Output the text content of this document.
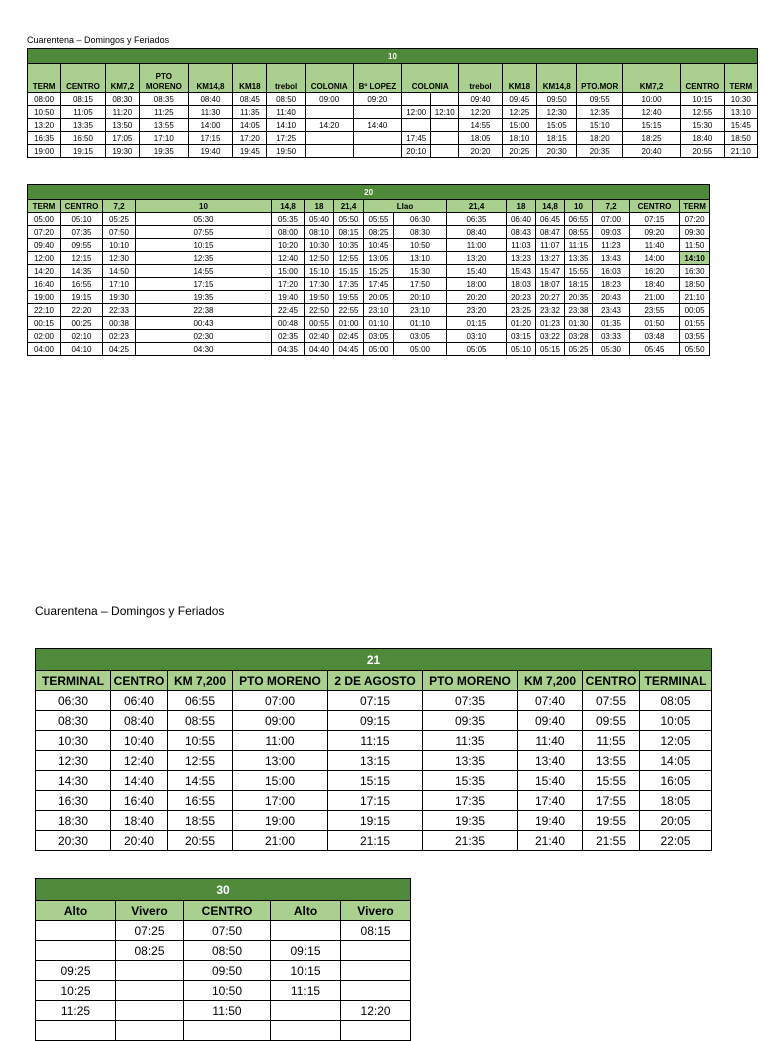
Cuarentena – Domingos y Feriados
10																	
TERM	CENTRO	KM7,2	PTO MORENO	KM14,8	KM18	trebol	COLONIA	Bº LOPEZ	COLONIA		trebol	KM18	KM14,8	PTO.MOR	KM7,2	CENTRO	TERM
08:00	08:15	08:30	08:35	08:40	08:45	08:50	09:00	09:20			09:40	09:45	09:50	09:55	10:00	10:15	10:30
10:50	11:05	11:20	11:25	11:30	11:35	11:40			12:00	12:10	12:20	12:25	12:30	12:35	12:40	12:55	13:10
13:20	13:35	13:50	13:55	14:00	14:05	14:10	14:20	14:40			14:55	15:00	15:05	15:10	15:15	15:30	15:45
16:35	16:50	17:05	17:10	17:15	17:20	17:25			17:45		18:05	18:10	18:15	18:20	18:25	18:40	18:50
19:00	19:15	19:30	19:35	19:40	19:45	19:50			20:10		20:20	20:25	20:30	20:35	20:40	20:55	21:10
20															
TERM	CENTRO	7,2	10	14,8	18	21,4	Llao		21,4	18	14,8	10	7,2	CENTRO	TERM
05:00	05:10	05:25	05:30	05:35	05:40	05:50	05:55	06:30	06:35	06:40	06:45	06:55	07:00	07:15	07:20
07:20	07:35	07:50	07:55	08:00	08:10	08:15	08:25	08:30	08:40	08:43	08:47	08:55	09:03	09:20	09:30
09:40	09:55	10:10	10:15	10:20	10:30	10:35	10:45	10:50	11:00	11:03	11:07	11:15	11:23	11:40	11:50
12:00	12:15	12:30	12:35	12:40	12:50	12:55	13:05	13:10	13:20	13:23	13:27	13:35	13:43	14:00	14:10
14:20	14:35	14:50	14:55	15:00	15:10	15:15	15:25	15:30	15:40	15:43	15:47	15:55	16:03	16:20	16:30
16:40	16:55	17:10	17:15	17:20	17:30	17:35	17:45	17:50	18:00	18:03	18:07	18:15	18:23	18:40	18:50
19:00	19:15	19:30	19:35	19:40	19:50	19:55	20:05	20:10	20:20	20:23	20:27	20:35	20:43	21:00	21:10
22:10	22:20	22:33	22:38	22:45	22:50	22:55	23:10	23:10	23:20	23:25	23:32	23:38	23:43	23:55	00:05
00:15	00:25	00:38	00:43	00:48	00:55	01:00	01:10	01:10	01:15	01:20	01:23	01:30	01:35	01:50	01:55
02:00	02:10	02:23	02:30	02:35	02:40	02:45	03:05	03:05	03:10	03:15	03:22	03:28	03:33	03:48	03:55
04:00	04:10	04:25	04:30	04:35	04:40	04:45	05:00	05:00	05:05	05:10	05:15	05:25	05:30	05:45	05:50
Cuarentena – Domingos y Feriados
21								
TERMINAL	CENTRO	KM 7,200	PTO MORENO	2 DE AGOSTO	PTO MORENO	KM 7,200	CENTRO	TERMINAL
06:30	06:40	06:55	07:00	07:15	07:35	07:40	07:55	08:05
08:30	08:40	08:55	09:00	09:15	09:35	09:40	09:55	10:05
10:30	10:40	10:55	11:00	11:15	11:35	11:40	11:55	12:05
12:30	12:40	12:55	13:00	13:15	13:35	13:40	13:55	14:05
14:30	14:40	14:55	15:00	15:15	15:35	15:40	15:55	16:05
16:30	16:40	16:55	17:00	17:15	17:35	17:40	17:55	18:05
18:30	18:40	18:55	19:00	19:15	19:35	19:40	19:55	20:05
20:30	20:40	20:55	21:00	21:15	21:35	21:40	21:55	22:05
30				
Alto	Vivero	CENTRO	Alto	Vivero
	07:25	07:50		08:15
	08:25	08:50	09:15	
09:25		09:50	10:15	
10:25		10:50	11:15	
11:25		11:50		12:20
